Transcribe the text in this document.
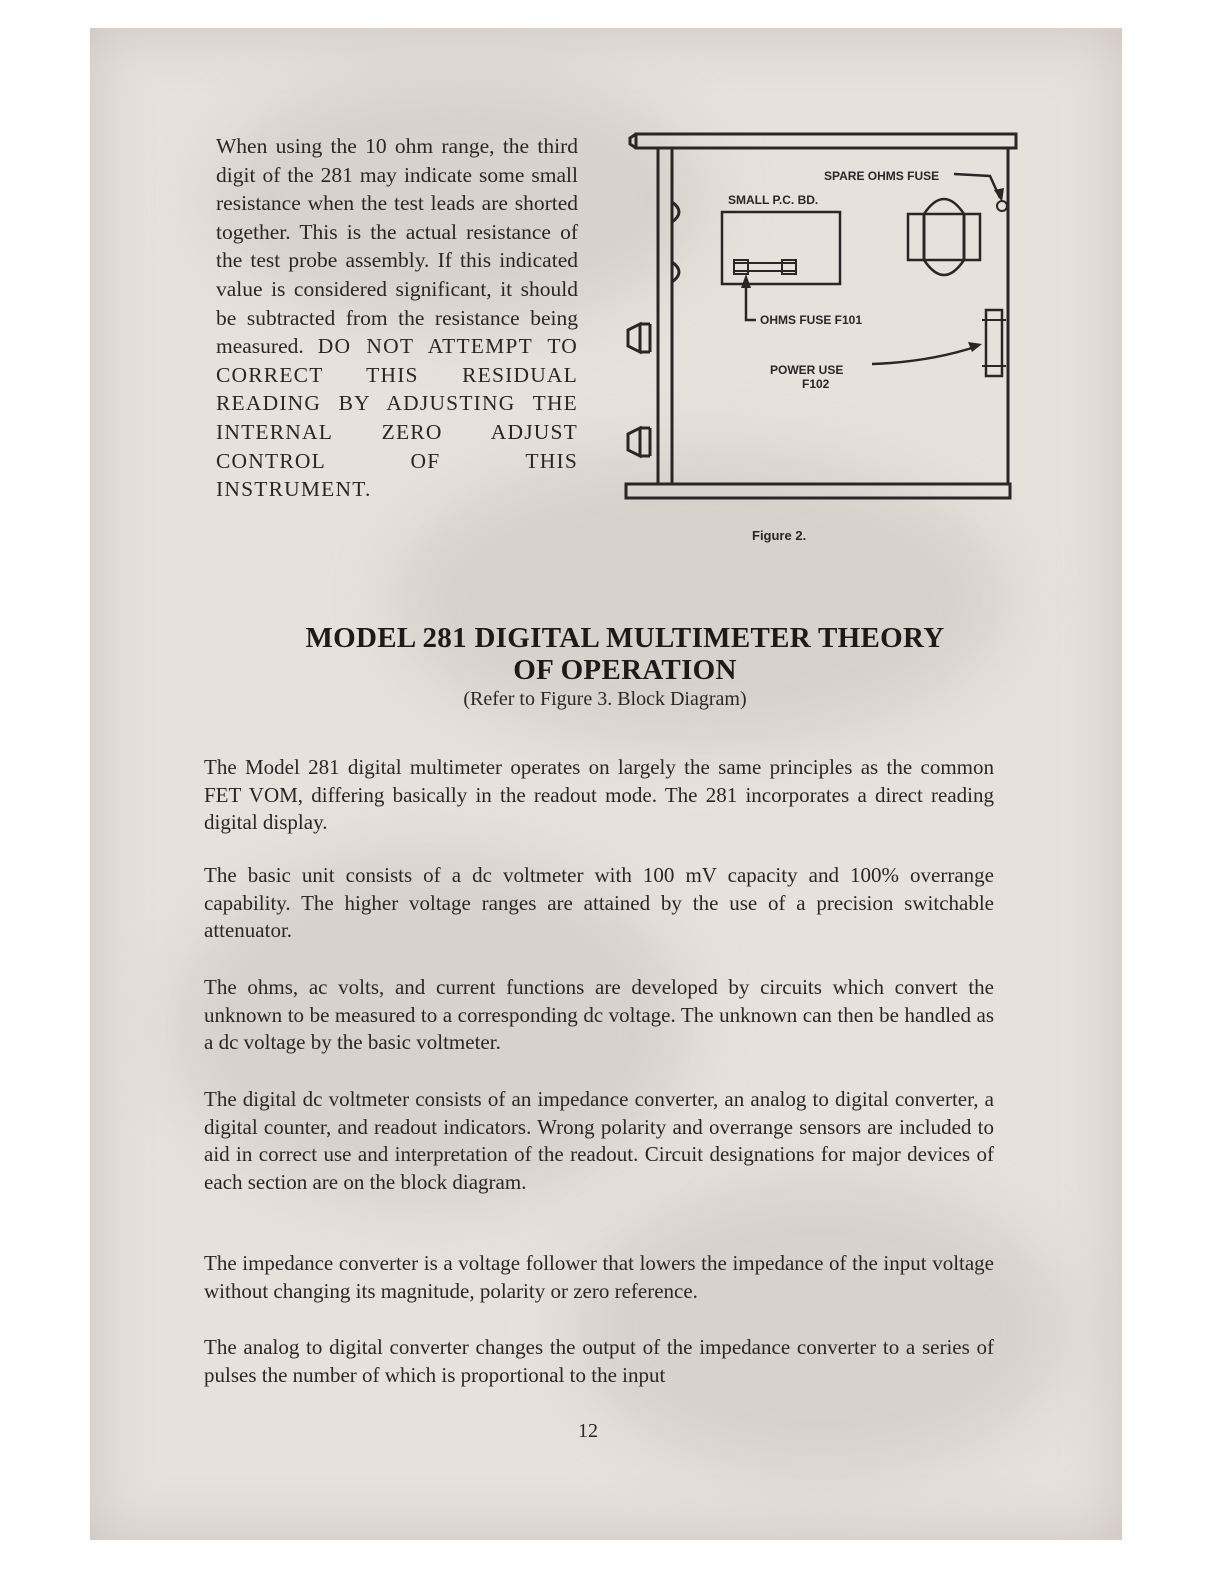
When using the 10 ohm range, the third digit of the 281 may indicate some small resistance when the test leads are shorted together. This is the actual resistance of the test probe assembly. If this indicated value is considered significant, it should be subtracted from the resistance being measured. DO NOT ATTEMPT TO CORRECT THIS RESIDUAL READING BY ADJUSTING THE INTERNAL ZERO ADJUST CONTROL OF THIS INSTRUMENT.
SPARE OHMS FUSE
SMALL P.C. BD.
OHMS FUSE F101
POWER USE
F102
Figure 2.
MODEL 281 DIGITAL MULTIMETER THEORY
OF OPERATION
(Refer to Figure 3. Block Diagram)

The Model 281 digital multimeter operates on largely the same principles as the common FET VOM, differing basically in the readout mode. The 281 incorporates a direct reading digital display.

The basic unit consists of a dc voltmeter with 100 mV capacity and 100% overrange capability. The higher voltage ranges are attained by the use of a precision switchable attenuator.

The ohms, ac volts, and current functions are developed by circuits which convert the unknown to be measured to a corresponding dc voltage. The unknown can then be handled as a dc voltage by the basic voltmeter.

The digital dc voltmeter consists of an impedance converter, an analog to digital converter, a digital counter, and readout indicators. Wrong polarity and overrange sensors are included to aid in correct use and interpretation of the readout. Circuit designations for major devices of each section are on the block diagram.

The impedance converter is a voltage follower that lowers the impedance of the input voltage without changing its magnitude, polarity or zero reference.

The analog to digital converter changes the output of the impedance converter to a series of pulses the number of which is proportional to the input

12
